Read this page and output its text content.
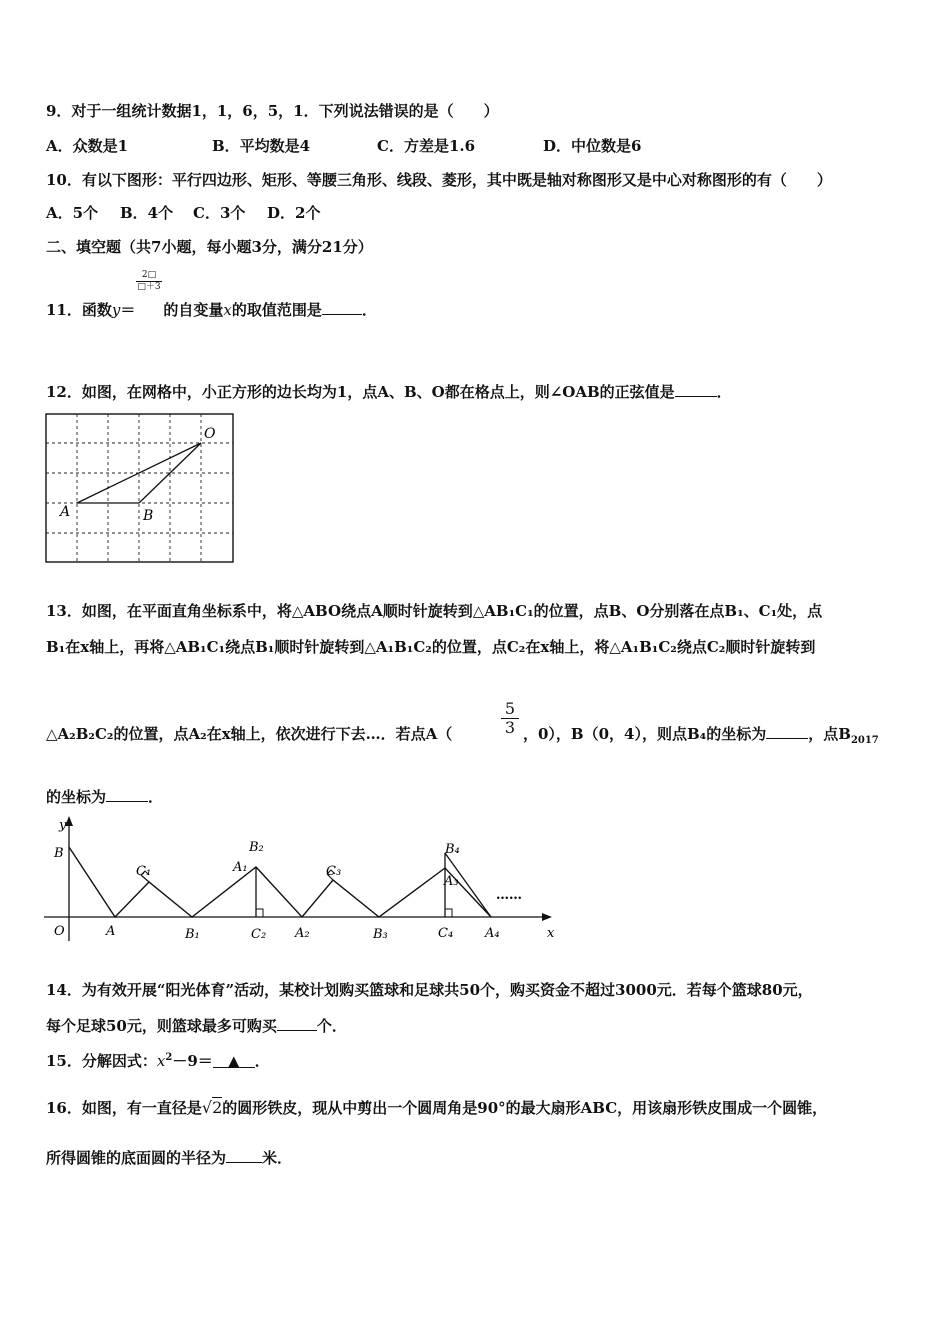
9．对于一组统计数据1，1，6，5，1．下列说法错误的是（　　）
A．众数是1	B．平均数是4	C．方差是1.6	D．中位数是6
10．有以下图形：平行四边形、矩形、等腰三角形、线段、菱形，其中既是轴对称图形又是中心对称图形的有（　　）
A．5个 B．4个 C．3个 D．2个
二、填空题（共7小题，每小题3分，满分21分）
$\frac{2□}{□+3}$
11．函数y＝ 的自变量x的取值范围是	．
12．如图，在网格中，小正方形的边长均为1，点A、B、O都在格点上，则∠OAB的正弦值是	．
A	B
O
13．如图，在平面直角坐标系中，将△ABO绕点A顺时针旋转到△AB₁C₁的位置，点B、O分别落在点B₁、C₁处，点
B₁在x轴上，再将△AB₁C₁绕点B₁顺时针旋转到△A₁B₁C₂的位置，点C₂在x轴上，将△A₁B₁C₂绕点C₂顺时针旋转到
$\frac{5}{3}$
△A₂B₂C₂的位置，点A₂在x轴上，依次进行下去…．若点A（	，0），B（0，4），则点B₄的坐标为	，点$B_{2017}$
的坐标为	．
y
x
O
B
A
C₁
B₁
A₁
B₂
C₂ A₂
C₃
B₃
B₄
A₃
C₄ A₄
……
14．为有效开展“阳光体育”活动，某校计划购买篮球和足球共50个，购买资金不超过3000元．若每个篮球80元，
每个足球50元，则篮球最多可购买	个．
15．分解因式：$x^2-9=$ ▲ ．
16．如图，有一直径是√2的圆形铁皮，现从中剪出一个圆周角是90°的最大扇形ABC，用该扇形铁皮围成一个圆锥，
所得圆锥的底面圆的半径为 米．
